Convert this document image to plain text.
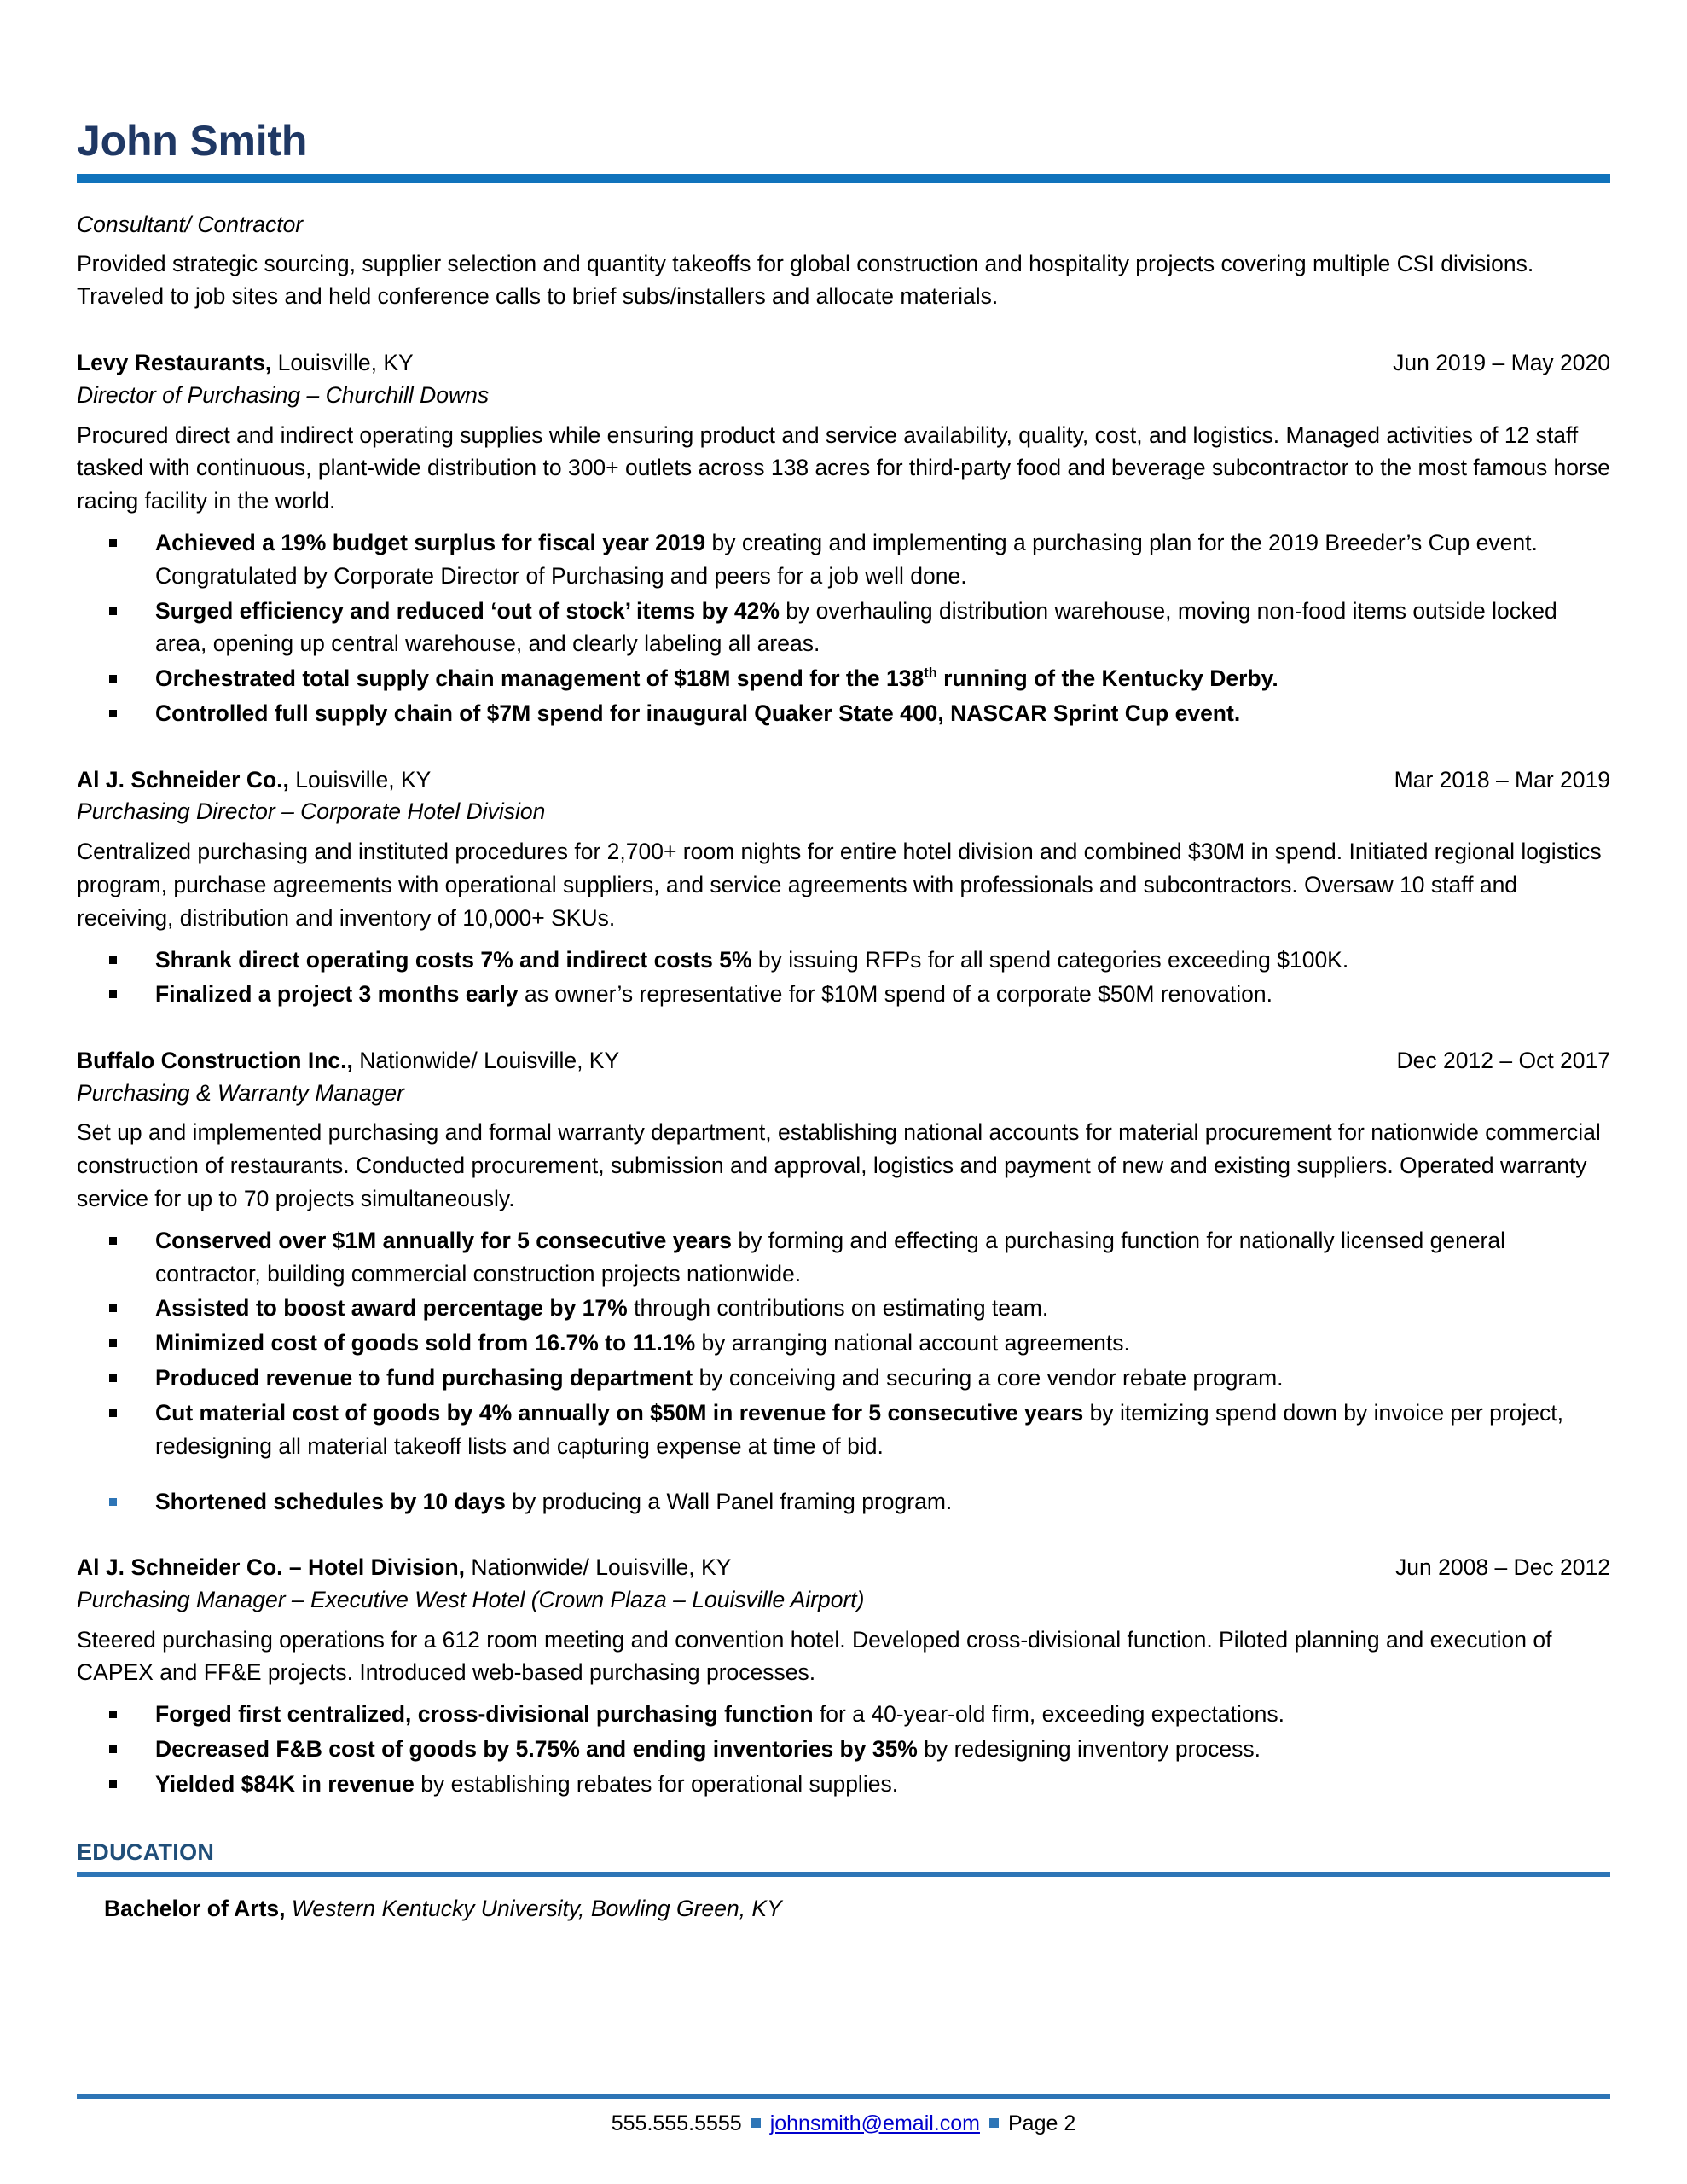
John Smith
Consultant/ Contractor
Provided strategic sourcing, supplier selection and quantity takeoffs for global construction and hospitality projects covering multiple CSI divisions. Traveled to job sites and held conference calls to brief subs/installers and allocate materials.
Levy Restaurants, Louisville, KY	Jun 2019 – May 2020
Director of Purchasing – Churchill Downs
Procured direct and indirect operating supplies while ensuring product and service availability, quality, cost, and logistics. Managed activities of 12 staff tasked with continuous, plant-wide distribution to 300+ outlets across 138 acres for third-party food and beverage subcontractor to the most famous horse racing facility in the world.
Achieved a 19% budget surplus for fiscal year 2019 by creating and implementing a purchasing plan for the 2019 Breeder’s Cup event. Congratulated by Corporate Director of Purchasing and peers for a job well done.
Surged efficiency and reduced ‘out of stock’ items by 42% by overhauling distribution warehouse, moving non-food items outside locked area, opening up central warehouse, and clearly labeling all areas.
Orchestrated total supply chain management of $18M spend for the 138th running of the Kentucky Derby.
Controlled full supply chain of $7M spend for inaugural Quaker State 400, NASCAR Sprint Cup event.
Al J. Schneider Co., Louisville, KY	Mar 2018 – Mar 2019
Purchasing Director – Corporate Hotel Division
Centralized purchasing and instituted procedures for 2,700+ room nights for entire hotel division and combined $30M in spend. Initiated regional logistics program, purchase agreements with operational suppliers, and service agreements with professionals and subcontractors. Oversaw 10 staff and receiving, distribution and inventory of 10,000+ SKUs.
Shrank direct operating costs 7% and indirect costs 5% by issuing RFPs for all spend categories exceeding $100K.
Finalized a project 3 months early as owner’s representative for $10M spend of a corporate $50M renovation.
Buffalo Construction Inc., Nationwide/ Louisville, KY	Dec 2012 – Oct 2017
Purchasing & Warranty Manager
Set up and implemented purchasing and formal warranty department, establishing national accounts for material procurement for nationwide commercial construction of restaurants. Conducted procurement, submission and approval, logistics and payment of new and existing suppliers. Operated warranty service for up to 70 projects simultaneously.
Conserved over $1M annually for 5 consecutive years by forming and effecting a purchasing function for nationally licensed general contractor, building commercial construction projects nationwide.
Assisted to boost award percentage by 17% through contributions on estimating team.
Minimized cost of goods sold from 16.7% to 11.1% by arranging national account agreements.
Produced revenue to fund purchasing department by conceiving and securing a core vendor rebate program.
Cut material cost of goods by 4% annually on $50M in revenue for 5 consecutive years by itemizing spend down by invoice per project, redesigning all material takeoff lists and capturing expense at time of bid.
Shortened schedules by 10 days by producing a Wall Panel framing program.
Al J. Schneider Co. – Hotel Division, Nationwide/ Louisville, KY	Jun 2008 – Dec 2012
Purchasing Manager – Executive West Hotel (Crown Plaza – Louisville Airport)
Steered purchasing operations for a 612 room meeting and convention hotel. Developed cross-divisional function. Piloted planning and execution of CAPEX and FF&E projects. Introduced web-based purchasing processes.
Forged first centralized, cross-divisional purchasing function for a 40-year-old firm, exceeding expectations.
Decreased F&B cost of goods by 5.75% and ending inventories by 35% by redesigning inventory process.
Yielded $84K in revenue by establishing rebates for operational supplies.
EDUCATION
Bachelor of Arts, Western Kentucky University, Bowling Green, KY
555.555.5555 johnsmith@email.com Page 2
